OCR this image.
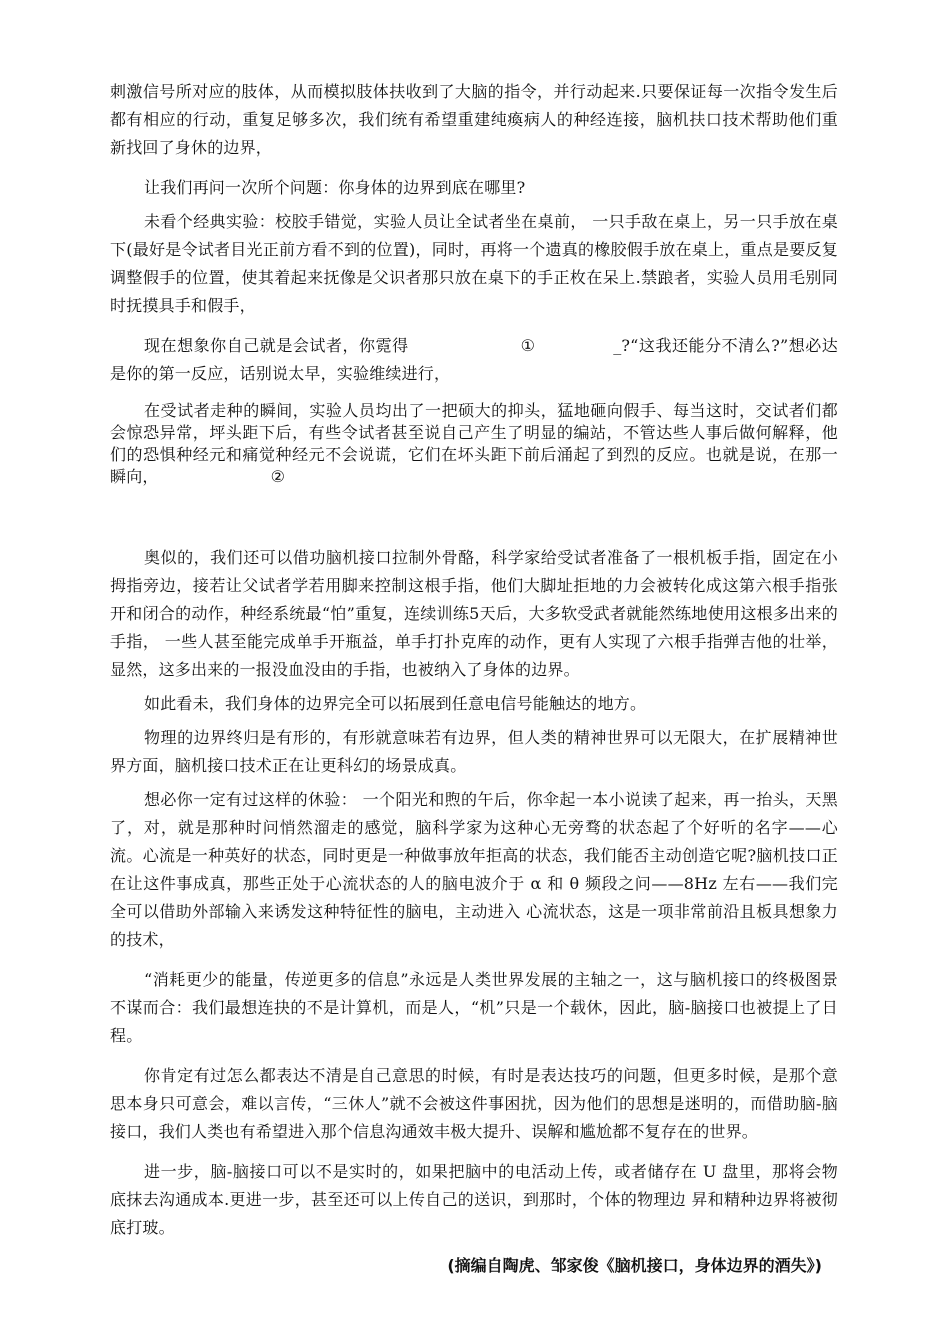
刺激信号所对应的肢体，从而模拟肢体扶收到了大脑的指令，并行动起来.只要保证每一次指令发生后都有相应的行动，重复足够多次，我们统有希望重建纯瘓病人的种经连接，脑机扶口技术帮助他们重新找回了身休的边界，

让我们再问一次所个问题：你身体的边界到底在哪里?

未看个经典实验：校胶手错觉，实验人员让全试者坐在桌前， 一只手敌在桌上，另一只手放在桌下(最好是令试者目光正前方看不到的位置)，同时，再将一个遗真的橡胶假手放在桌上，重点是要反复调整假手的位置，使其着起来抚像是父识者那只放在桌下的手正枚在呆上.禁踉者，实验人员用毛别同时抚摸具手和假手，

现在想象你自己就是会试者，你霓得	①	_?“这我还能分不清么?”想必达 是你的第一反应，话别说太早，实验维续进行，

在受试者走种的瞬间，实验人员均出了一把硕大的抑头，猛地砸向假手、每当这时，交试者们都会惊恐异常，坪头距下后，有些令试者甚至说自己产生了明显的编站，不管达些人事后做何解释，他们的恐惧种经元和痛觉种经元不会说谎，它们在坏头距下前后涌起了到烈的反应。也就是说，在那一瞬向，	②

奥似的，我们还可以借功脑机接口拉制外骨酪，科学家给受试者准备了一根机板手指，固定在小拇指旁边，接若让父试者学若用脚来控制这根手指，他们大脚址拒地的力会被转化成这第六根手指张开和闭合的动作，种经系统最“怕”重复，连续训练5天后，大多软受武者就能然练地使用这根多出来的手指， 一些人甚至能完成单手开瓶益，单手打扑克库的动作，更有人实现了六根手指弹吉他的壮举，显然，这多出来的一报没血没由的手指，也被纳入了身体的边界。

如此看未，我们身体的边界完全可以拓展到任意电信号能触达的地方。

物理的边界终归是有形的，有形就意味若有边界，但人类的精神世界可以无限大，在扩展精神世界方面，脑机接口技术正在让更科幻的场景成真。

想必你一定有过这样的休验： 一个阳光和煦的午后，你伞起一本小说读了起来，再一抬头，天黑了，对，就是那种时问悄然溜走的感觉，脑科学家为这种心无旁骛的状态起了个好听的名字——心流。心流是一种英好的状态，同时更是一种做事放年拒高的状态，我们能否主动创造它呢?脑机技口正在让这件事成真，那些正处于心流状态的人的脑电波介于 α 和 θ 频段之问——8Hz 左右——我们完全可以借助外部输入来诱发这种特征性的脑电，主动进入 心流状态，这是一项非常前沿且板具想象力的技术，

“消耗更少的能量，传逆更多的信息”永远是人类世界发展的主轴之一，这与脑机接口的终极图景不谋而合：我们最想连抉的不是计算机，而是人，“机”只是一个载休，因此，脑-脑接口也被提上了日程。

你肯定有过怎么都表达不清是自己意思的时候，有时是表达技巧的问题，但更多时候，是那个意思本身只可意会，难以言传，“三休人”就不会被这件事困扰，因为他们的思想是迷明的，而借助脑-脑接口，我们人类也有希望进入那个信息沟通效丰极大提升、误解和尴尬都不复存在的世界。

进一步，脑-脑接口可以不是实时的，如果把脑中的电活动上传，或者储存在 U 盘里，那将会物底抹去沟通成本.更进一步，甚至还可以上传自己的送识，到那时，个体的物理边 昇和精种边界将被彻底打玻。

(摘编自陶虎、邹家俊《脑机接口，身体边界的酒失》)
